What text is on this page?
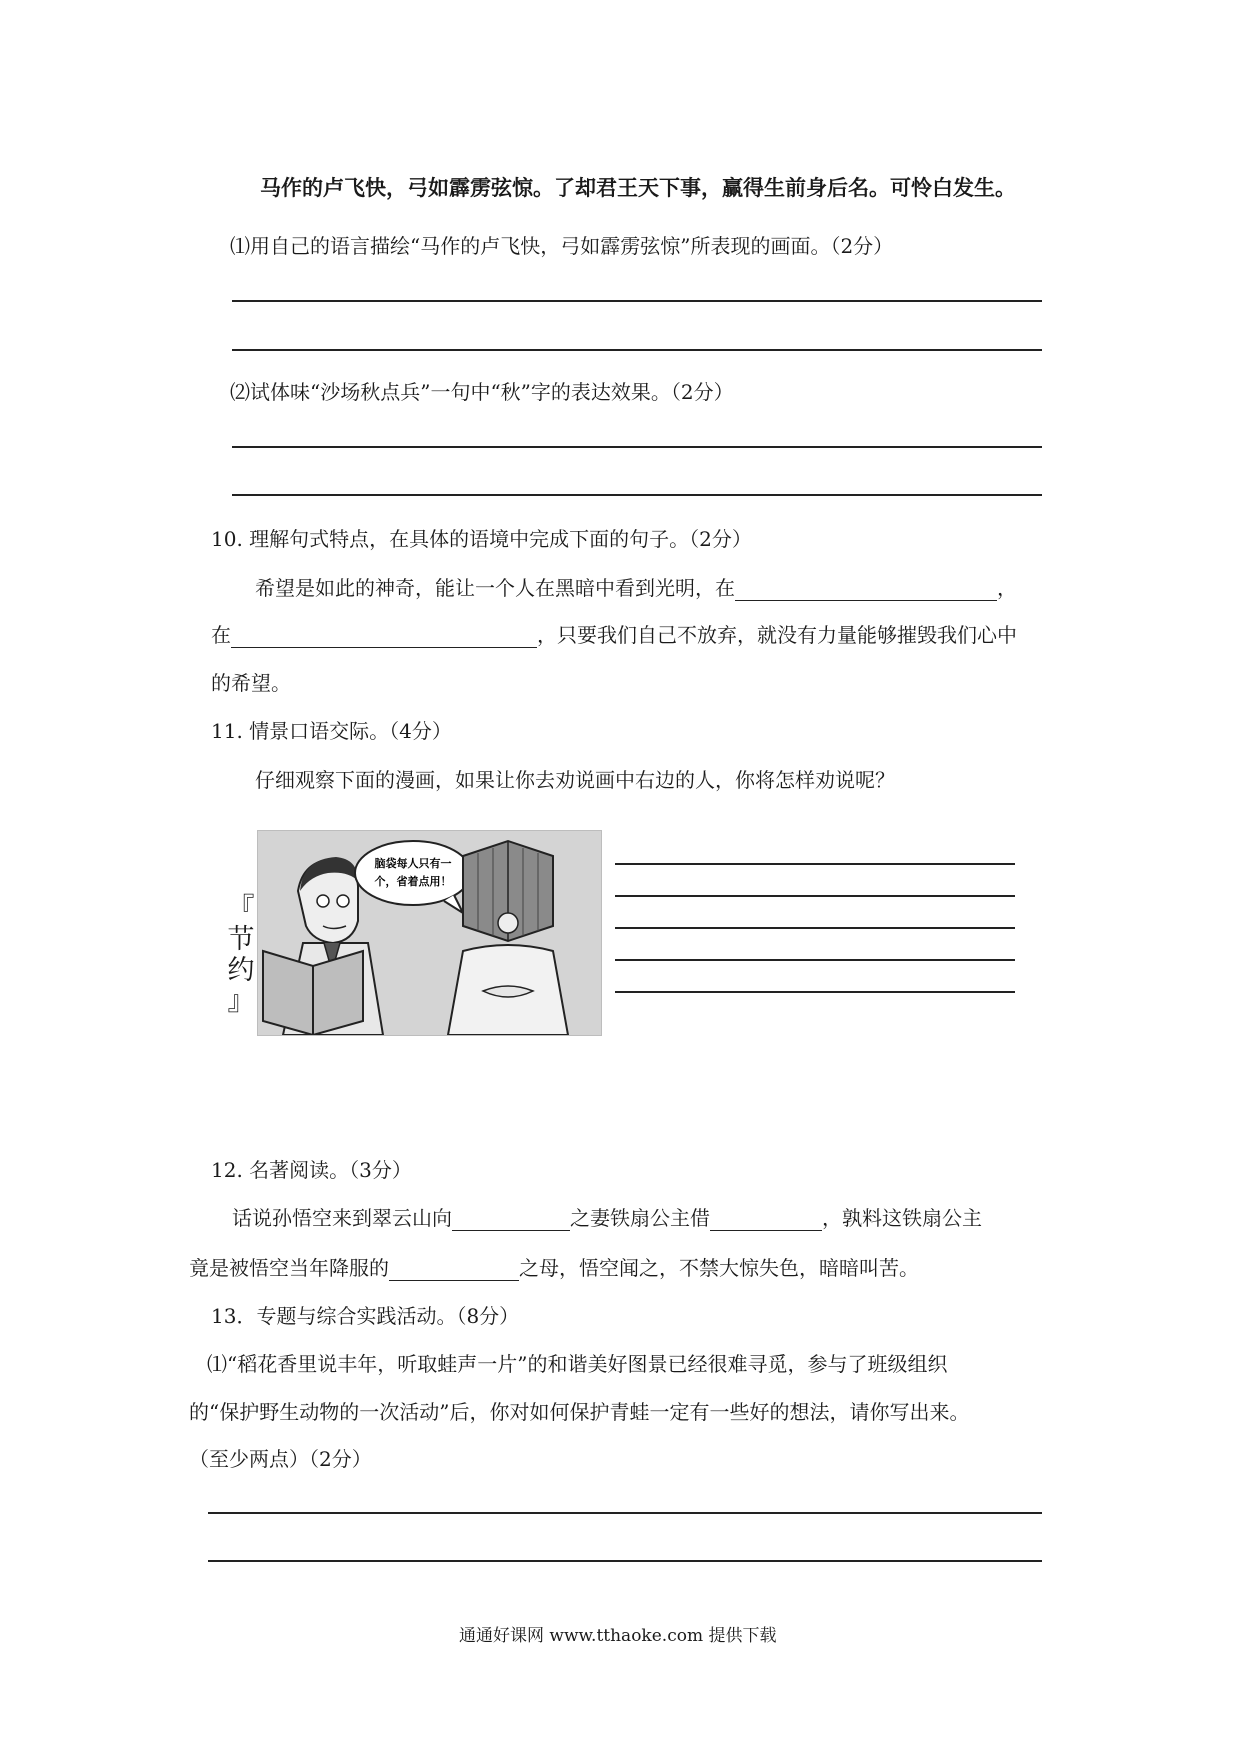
马作的卢飞快，弓如霹雳弦惊。了却君王天下事，赢得生前身后名。可怜白发生。
⑴用自己的语言描绘“马作的卢飞快，弓如霹雳弦惊”所表现的画面。（2分）
⑵试体味“沙场秋点兵”一句中“秋”字的表达效果。（2分）
10. 理解句式特点，在具体的语境中完成下面的句子。（2分）
希望是如此的神奇，能让一个人在黑暗中看到光明，在	，
在	，只要我们自己不放弃，就没有力量能够摧毁我们心中
的希望。
11. 情景口语交际。（4分）
仔细观察下面的漫画，如果让你去劝说画中右边的人，你将怎样劝说呢？
『
节
约
』
脑袋每人只有一
个，省着点用！
12. 名著阅读。（3分）
话说孙悟空来到翠云山向	之妻铁扇公主借	，孰料这铁扇公主
竟是被悟空当年降服的	之母，悟空闻之，不禁大惊失色，暗暗叫苦。
13．专题与综合实践活动。（8分）
⑴“稻花香里说丰年，听取蛙声一片”的和谐美好图景已经很难寻觅，参与了班级组织
的“保护野生动物的一次活动”后，你对如何保护青蛙一定有一些好的想法，请你写出来。
（至少两点）（2分）
通通好课网 www.tthaoke.com 提供下载
